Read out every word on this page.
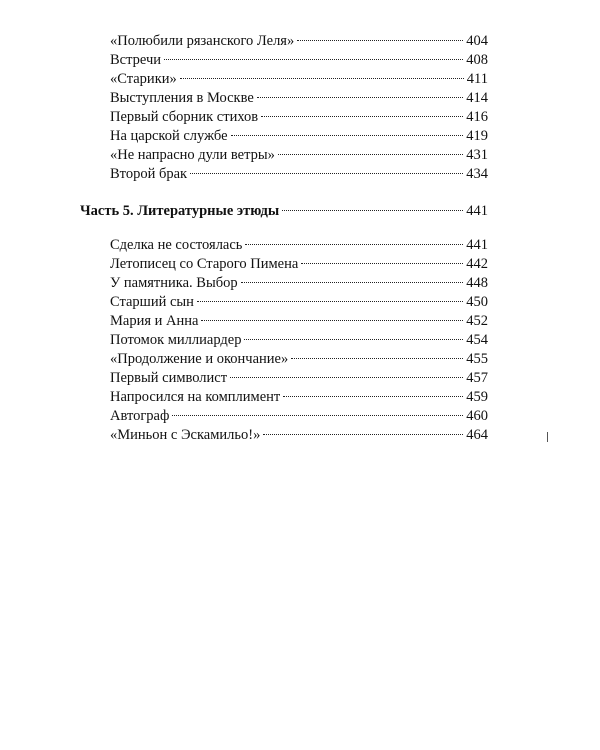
«Полюбили рязанского Леля»	404
Встречи	408
«Старики»	411
Выступления в Москве	414
Первый сборник стихов	416
На царской службе	419
«Не напрасно дули ветры»	431
Второй брак	434
Часть 5. Литературные этюды	441
Сделка не состоялась	441
Летописец со Старого Пимена	442
У памятника. Выбор	448
Старший сын	450
Мария и Анна	452
Потомок миллиардер	454
«Продолжение и окончание»	455
Первый символист	457
Напросился на комплимент	459
Автограф	460
«Миньон с Эскамильо!»	464
